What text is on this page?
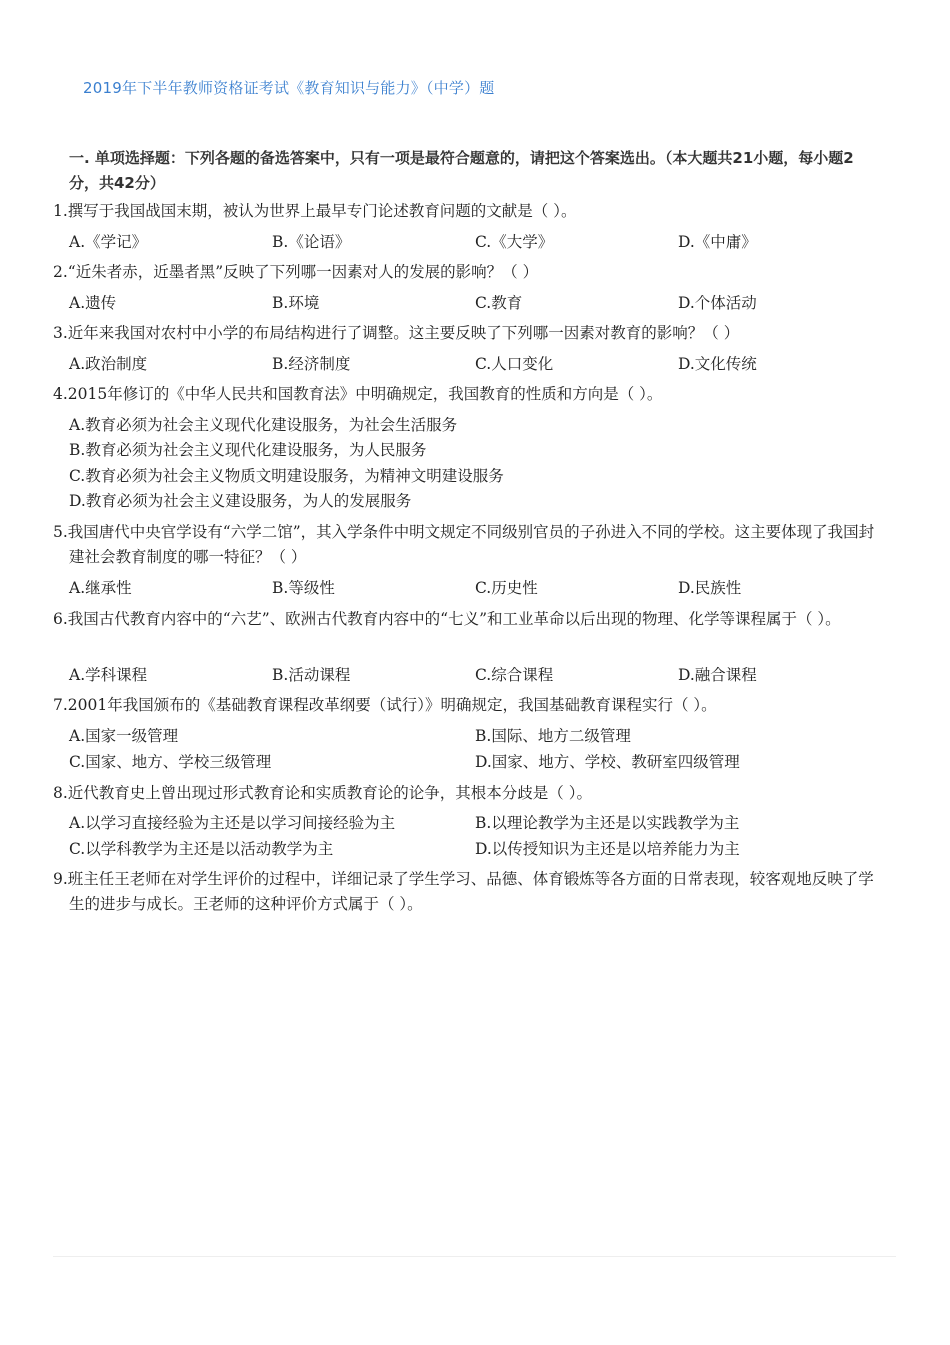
2019年下半年教师资格证考试《教育知识与能力》（中学）题
一. 单项选择题：下列各题的备选答案中，只有一项是最符合题意的，请把这个答案选出。（本大题共21小题，每小题2分，共42分）
1.撰写于我国战国末期，被认为世界上最早专门论述教育问题的文献是（ ）。
A.《学记》	B.《论语》	C.《大学》	D.《中庸》
2.“近朱者赤，近墨者黑”反映了下列哪一因素对人的发展的影响？（ ）
A.遗传	B.环境	C.教育	D.个体活动
3.近年来我国对农村中小学的布局结构进行了调整。这主要反映了下列哪一因素对教育的影响？（ ）
A.政治制度	B.经济制度	C.人口变化	D.文化传统
4.2015年修订的《中华人民共和国教育法》中明确规定，我国教育的性质和方向是（ ）。
A.教育必须为社会主义现代化建设服务，为社会生活服务
B.教育必须为社会主义现代化建设服务，为人民服务
C.教育必须为社会主义物质文明建设服务，为精神文明建设服务
D.教育必须为社会主义建设服务，为人的发展服务
5.我国唐代中央官学设有“六学二馆”，其入学条件中明文规定不同级别官员的子孙进入不同的学校。这主要体现了我国封建社会教育制度的哪一特征？（ ）
A.继承性	B.等级性	C.历史性	D.民族性
6.我国古代教育内容中的“六艺”、欧洲古代教育内容中的“七义”和工业革命以后出现的物理、化学等课程属于（ ）。
A.学科课程	B.活动课程	C.综合课程	D.融合课程
7.2001年我国颁布的《基础教育课程改革纲要（试行）》明确规定，我国基础教育课程实行（ ）。
A.国家一级管理	B.国际、地方二级管理
C.国家、地方、学校三级管理	D.国家、地方、学校、教研室四级管理
8.近代教育史上曾出现过形式教育论和实质教育论的论争，其根本分歧是（ ）。
A.以学习直接经验为主还是以学习间接经验为主	B.以理论教学为主还是以实践教学为主
C.以学科教学为主还是以活动教学为主	D.以传授知识为主还是以培养能力为主
9.班主任王老师在对学生评价的过程中，详细记录了学生学习、品德、体育锻炼等各方面的日常表现，较客观地反映了学生的进步与成长。王老师的这种评价方式属于（ ）。
